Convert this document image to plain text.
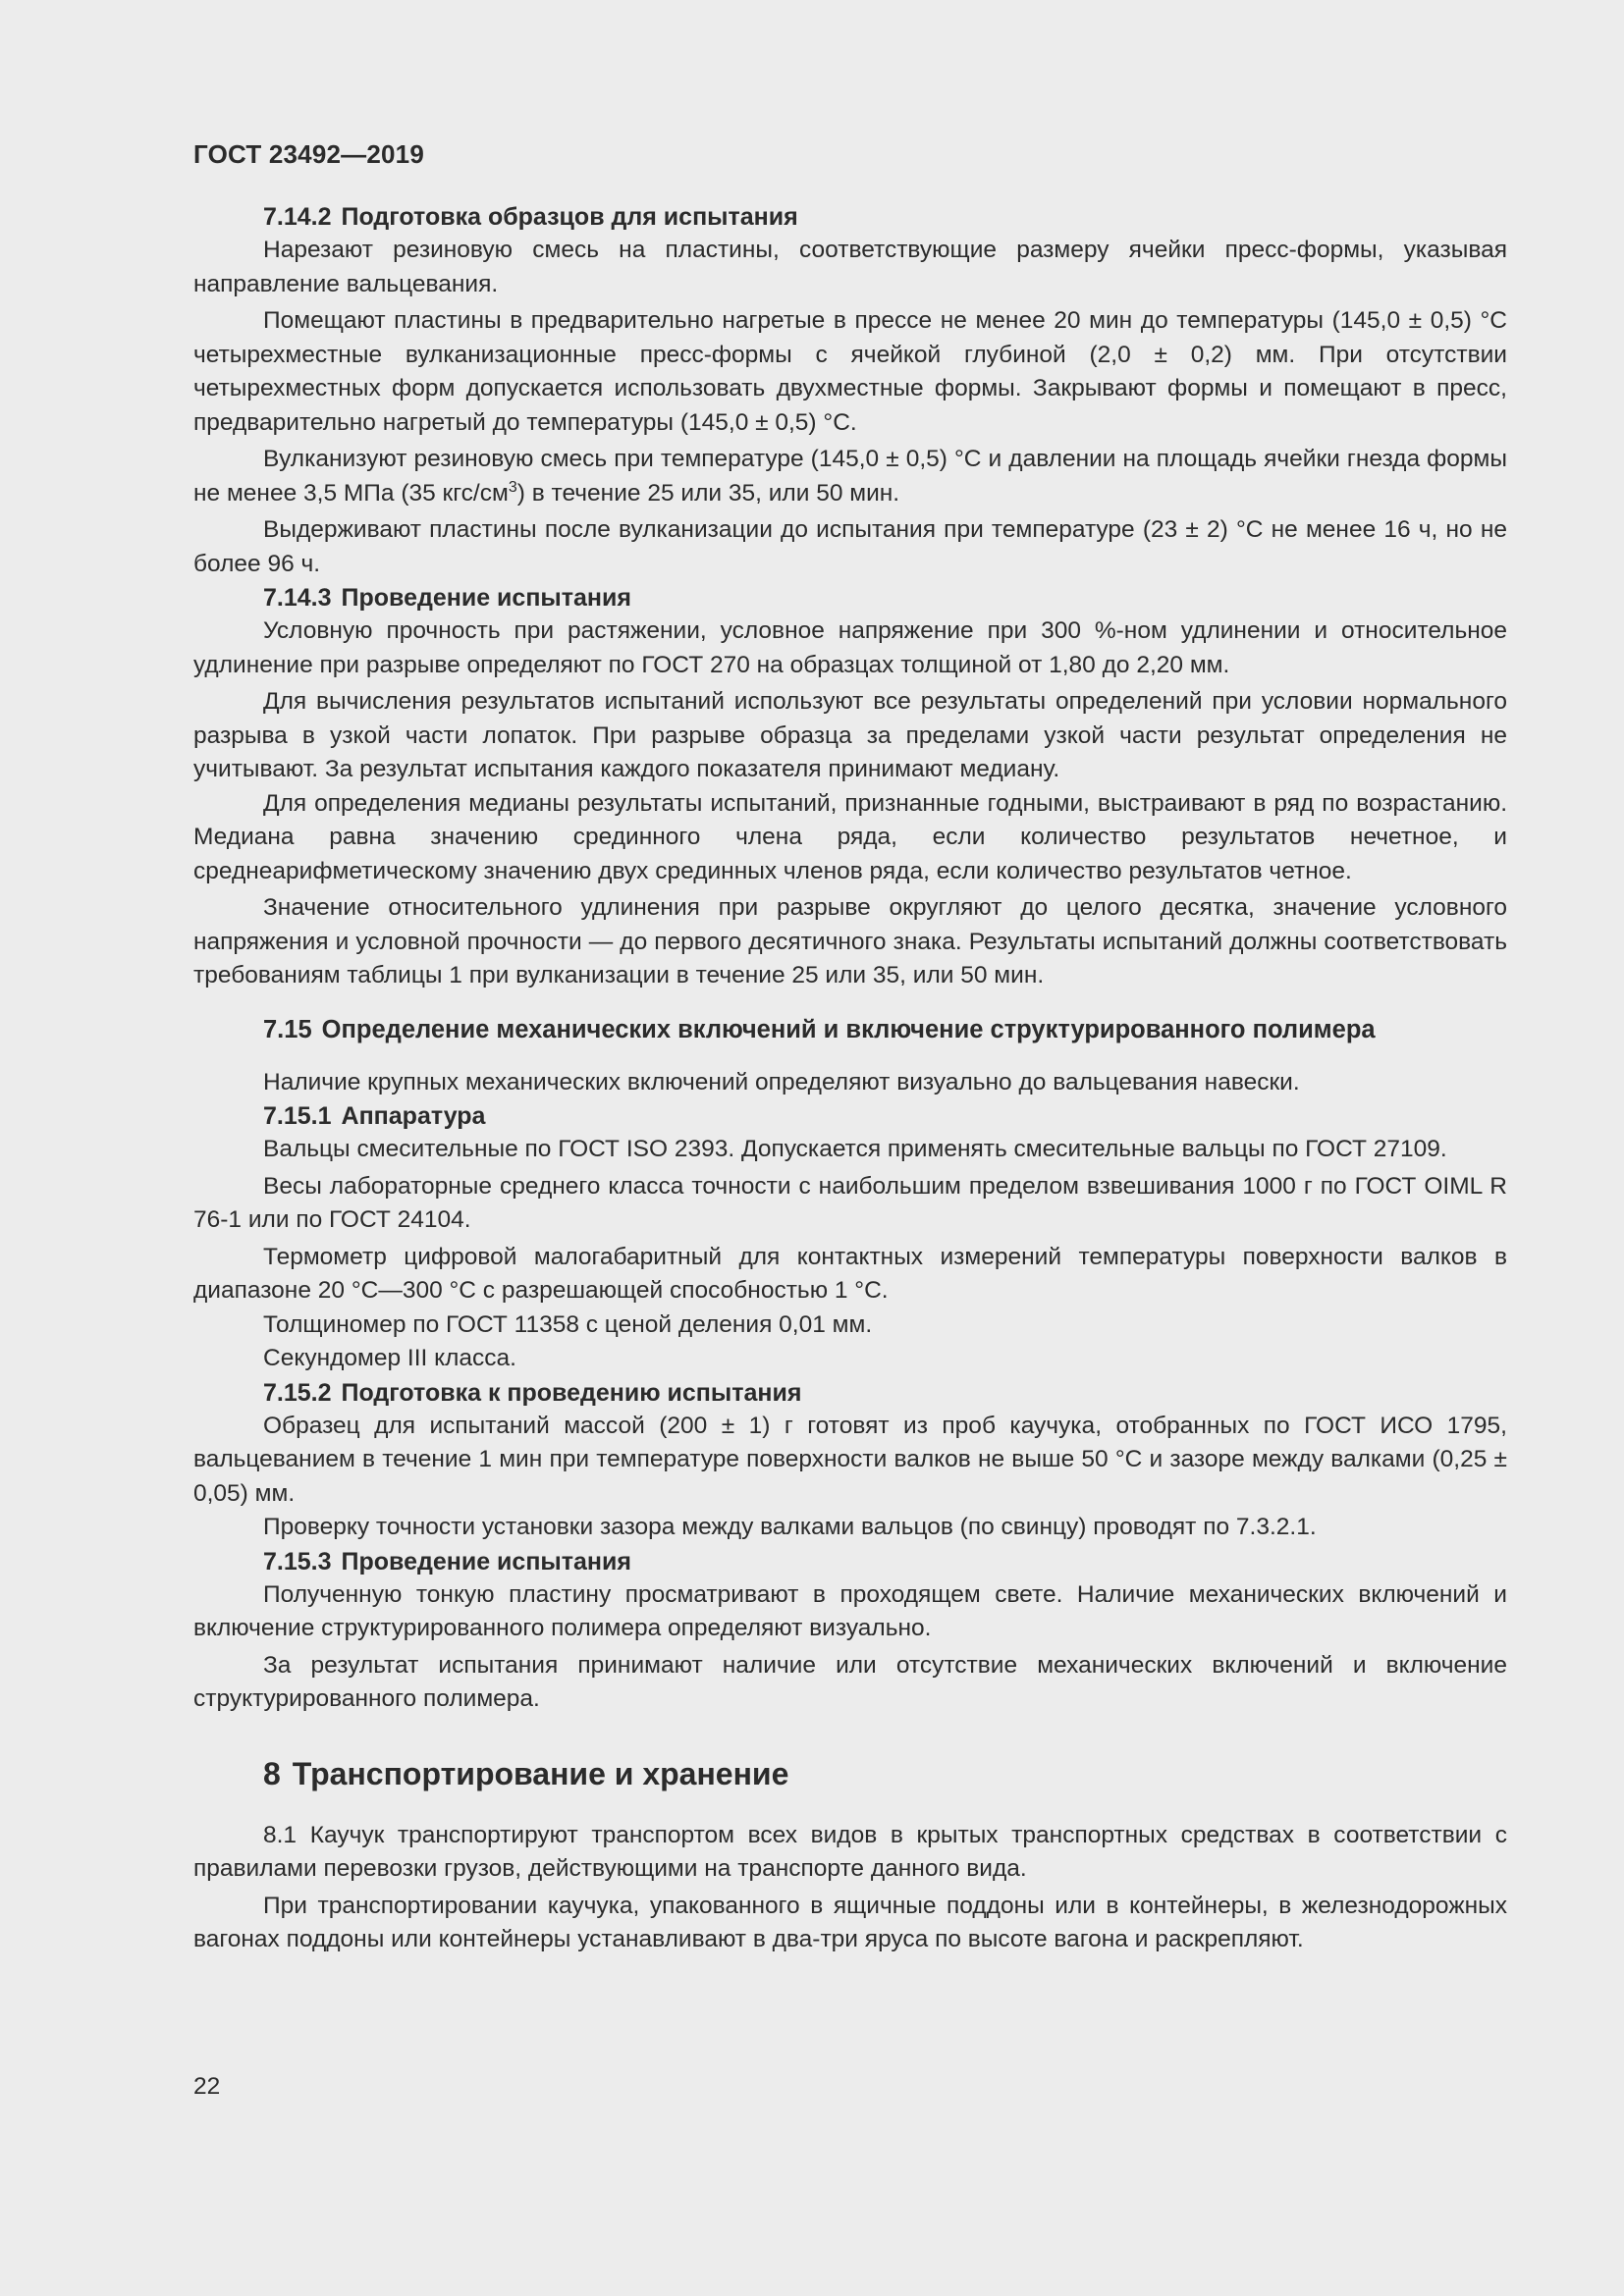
ГОСТ 23492—2019
7.14.2 Подготовка образцов для испытания

Нарезают резиновую смесь на пластины, соответствующие размеру ячейки пресс-формы, указывая направление вальцевания.

Помещают пластины в предварительно нагретые в прессе не менее 20 мин до температуры (145,0 ± 0,5) °С четырехместные вулканизационные пресс-формы с ячейкой глубиной (2,0 ± 0,2) мм. При отсутствии четырехместных форм допускается использовать двухместные формы. Закрывают формы и помещают в пресс, предварительно нагретый до температуры (145,0 ± 0,5) °С.

Вулканизуют резиновую смесь при температуре (145,0 ± 0,5) °С и давлении на площадь ячейки гнезда формы не менее 3,5 МПа (35 кгс/$см^3$) в течение 25 или 35, или 50 мин.

Выдерживают пластины после вулканизации до испытания при температуре (23 ± 2) °С не менее 16 ч, но не более 96 ч.

7.14.3 Проведение испытания

Условную прочность при растяжении, условное напряжение при 300 %-ном удлинении и относительное удлинение при разрыве определяют по ГОСТ 270 на образцах толщиной от 1,80 до 2,20 мм.

Для вычисления результатов испытаний используют все результаты определений при условии нормального разрыва в узкой части лопаток. При разрыве образца за пределами узкой части результат определения не учитывают. За результат испытания каждого показателя принимают медиану.

Для определения медианы результаты испытаний, признанные годными, выстраивают в ряд по возрастанию. Медиана равна значению срединного члена ряда, если количество результатов нечетное, и среднеарифметическому значению двух срединных членов ряда, если количество результатов четное.

Значение относительного удлинения при разрыве округляют до целого десятка, значение условного напряжения и условной прочности — до первого десятичного знака. Результаты испытаний должны соответствовать требованиям таблицы 1 при вулканизации в течение 25 или 35, или 50 мин.

7.15 Определение механических включений и включение структурированного полимера

Наличие крупных механических включений определяют визуально до вальцевания навески.

7.15.1 Аппаратура

Вальцы смесительные по ГОСТ ISO 2393. Допускается применять смесительные вальцы по ГОСТ 27109.

Весы лабораторные среднего класса точности с наибольшим пределом взвешивания 1000 г по ГОСТ OIML R 76-1 или по ГОСТ 24104.

Термометр цифровой малогабаритный для контактных измерений температуры поверхности валков в диапазоне 20 °С—300 °С с разрешающей способностью 1 °С.

Толщиномер по ГОСТ 11358 с ценой деления 0,01 мм.

Секундомер III класса.

7.15.2 Подготовка к проведению испытания

Образец для испытаний массой (200 ± 1) г готовят из проб каучука, отобранных по ГОСТ ИСО 1795, вальцеванием в течение 1 мин при температуре поверхности валков не выше 50 °С и зазоре между валками (0,25 ± 0,05) мм.

Проверку точности установки зазора между валками вальцов (по свинцу) проводят по 7.3.2.1.

7.15.3 Проведение испытания

Полученную тонкую пластину просматривают в проходящем свете. Наличие механических включений и включение структурированного полимера определяют визуально.

За результат испытания принимают наличие или отсутствие механических включений и включение структурированного полимера.

8 Транспортирование и хранение

8.1 Каучук транспортируют транспортом всех видов в крытых транспортных средствах в соответствии с правилами перевозки грузов, действующими на транспорте данного вида.

При транспортировании каучука, упакованного в ящичные поддоны или в контейнеры, в железнодорожных вагонах поддоны или контейнеры устанавливают в два-три яруса по высоте вагона и раскрепляют.

22
